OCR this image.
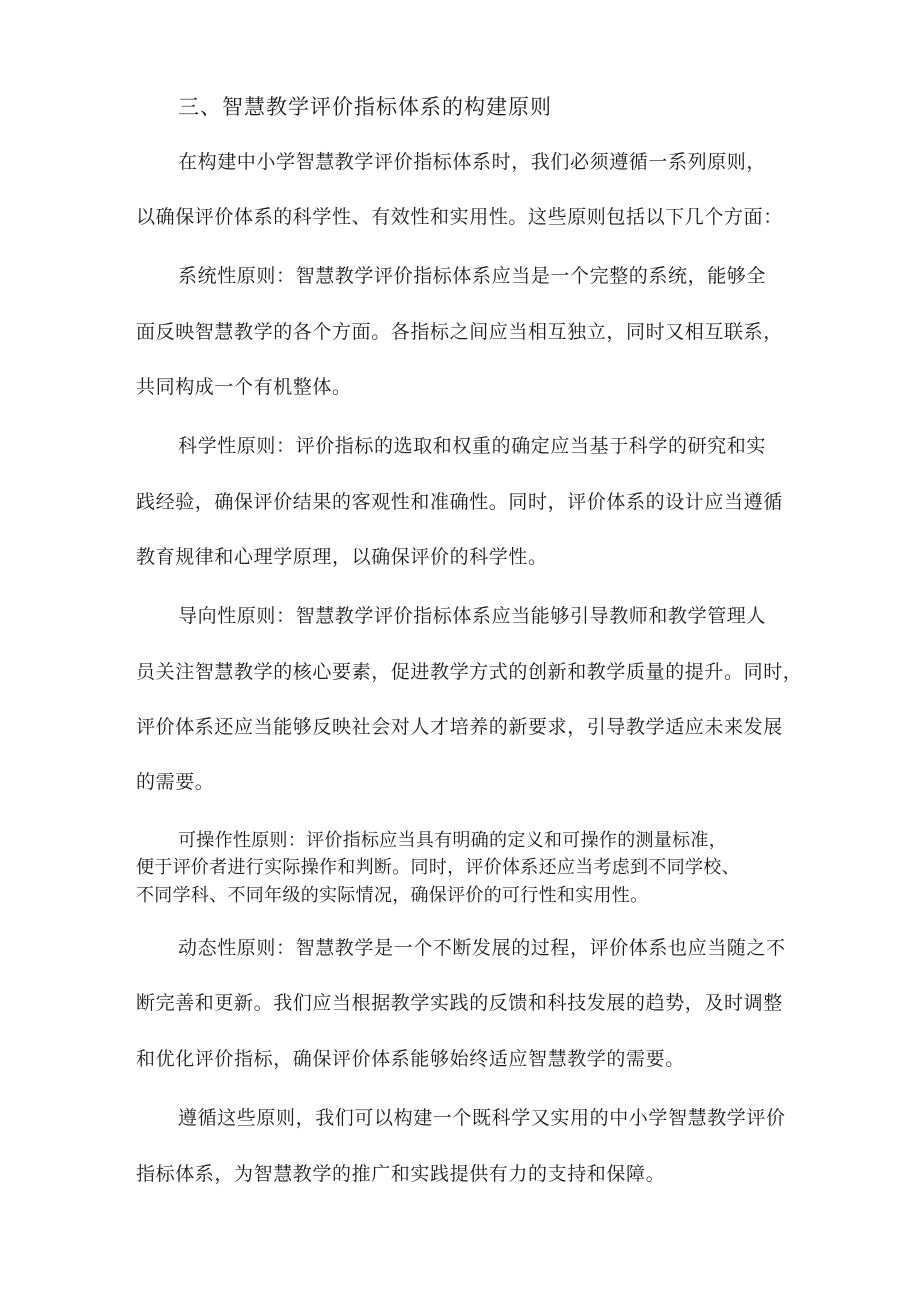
三、智慧教学评价指标体系的构建原则
在构建中小学智慧教学评价指标体系时，我们必须遵循一系列原则，
以确保评价体系的科学性、有效性和实用性。这些原则包括以下几个方面：
系统性原则：智慧教学评价指标体系应当是一个完整的系统，能够全
面反映智慧教学的各个方面。各指标之间应当相互独立，同时又相互联系，
共同构成一个有机整体。
科学性原则：评价指标的选取和权重的确定应当基于科学的研究和实
践经验，确保评价结果的客观性和准确性。同时，评价体系的设计应当遵循
教育规律和心理学原理，以确保评价的科学性。
导向性原则：智慧教学评价指标体系应当能够引导教师和教学管理人
员关注智慧教学的核心要素，促进教学方式的创新和教学质量的提升。同时，
评价体系还应当能够反映社会对人才培养的新要求，引导教学适应未来发展
的需要。
可操作性原则：评价指标应当具有明确的定义和可操作的测量标准，
便于评价者进行实际操作和判断。同时，评价体系还应当考虑到不同学校、
不同学科、不同年级的实际情况，确保评价的可行性和实用性。
动态性原则：智慧教学是一个不断发展的过程，评价体系也应当随之不
断完善和更新。我们应当根据教学实践的反馈和科技发展的趋势，及时调整
和优化评价指标，确保评价体系能够始终适应智慧教学的需要。
遵循这些原则，我们可以构建一个既科学又实用的中小学智慧教学评价
指标体系，为智慧教学的推广和实践提供有力的支持和保障。
